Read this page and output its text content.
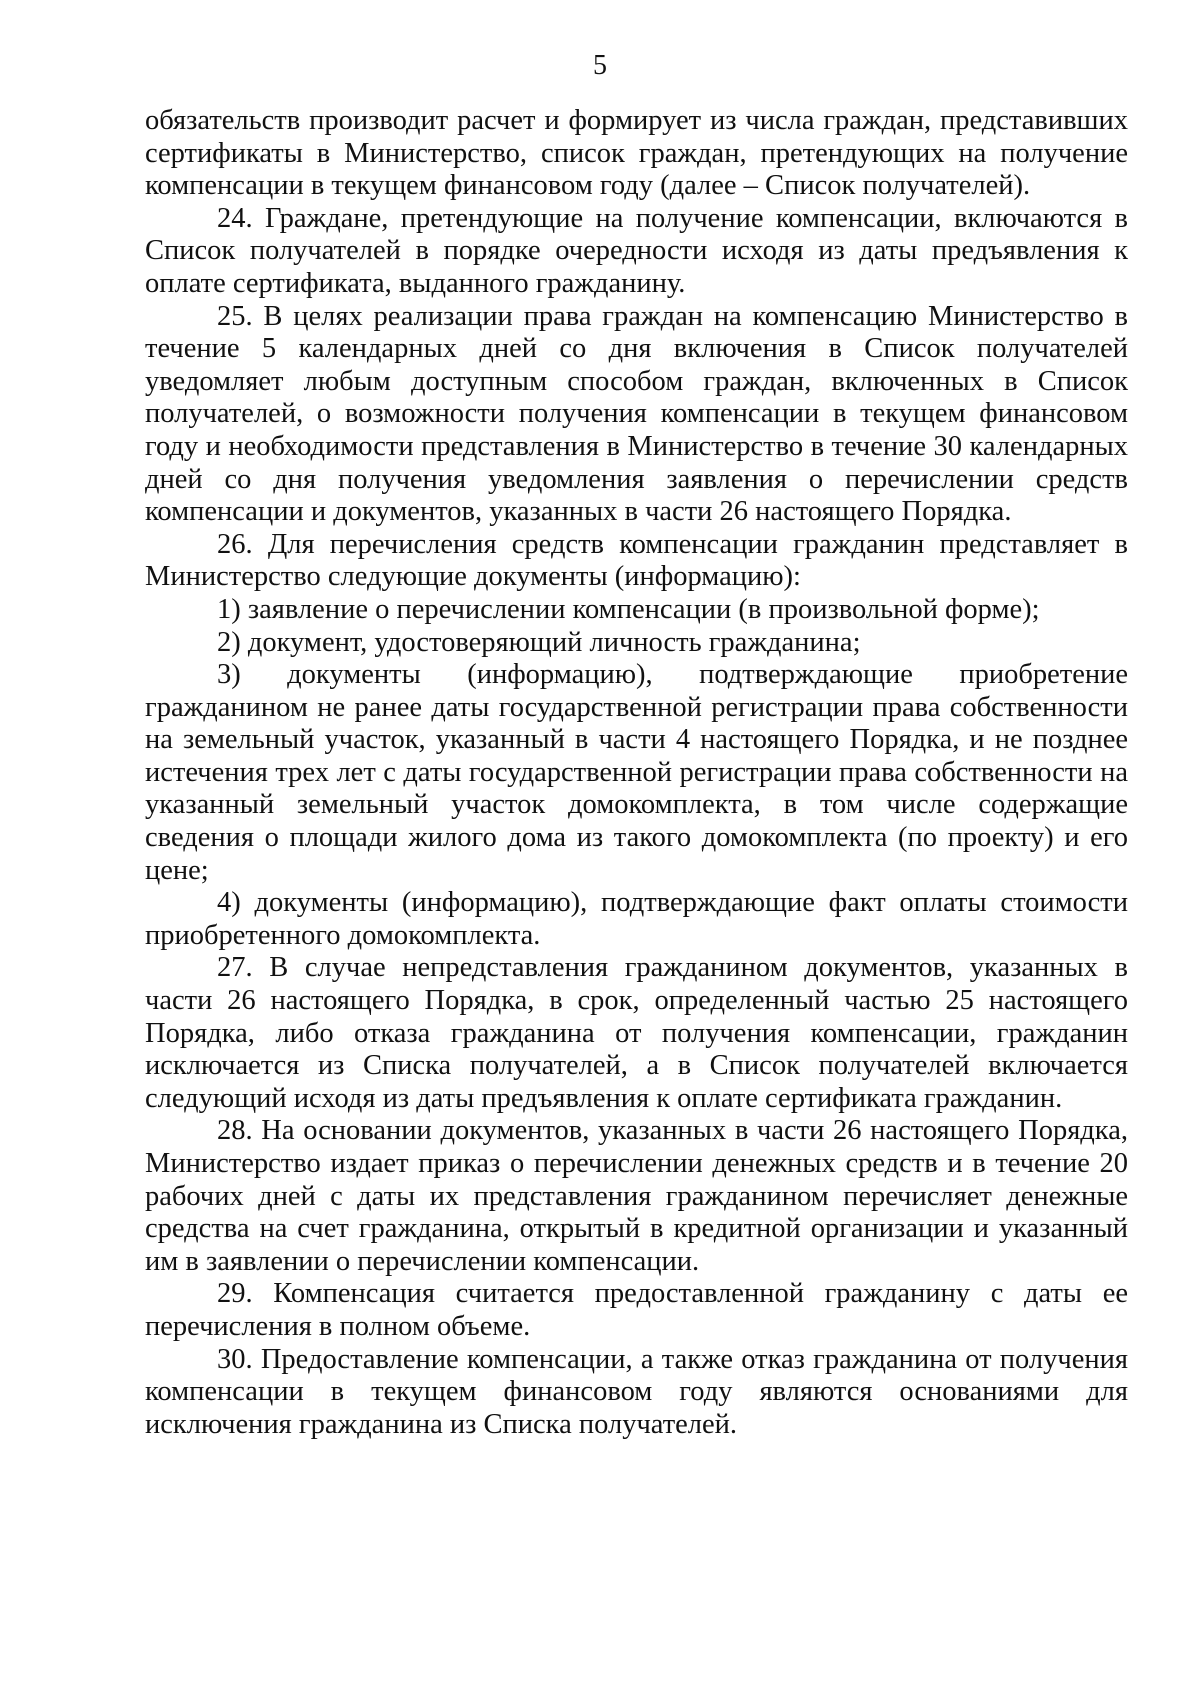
5

обязательств производит расчет и формирует из числа граждан, представивших сертификаты в Министерство, список граждан, претендующих на получение компенсации в текущем финансовом году (далее – Список получателей).

24. Граждане, претендующие на получение компенсации, включаются в Список получателей в порядке очередности исходя из даты предъявления к оплате сертификата, выданного гражданину.

25. В целях реализации права граждан на компенсацию Министерство в течение 5 календарных дней со дня включения в Список получателей уведомляет любым доступным способом граждан, включенных в Список получателей, о возможности получения компенсации в текущем финансовом году и необходимости представления в Министерство в течение 30 календарных дней со дня получения уведомления заявления о перечислении средств компенсации и документов, указанных в части 26 настоящего Порядка.

26. Для перечисления средств компенсации гражданин представляет в Министерство следующие документы (информацию):

1) заявление о перечислении компенсации (в произвольной форме);

2) документ, удостоверяющий личность гражданина;

3) документы (информацию), подтверждающие приобретение гражданином не ранее даты государственной регистрации права собственности на земельный участок, указанный в части 4 настоящего Порядка, и не позднее истечения трех лет с даты государственной регистрации права собственности на указанный земельный участок домокомплекта, в том числе содержащие сведения о площади жилого дома из такого домокомплекта (по проекту) и его цене;

4) документы (информацию), подтверждающие факт оплаты стоимости приобретенного домокомплекта.

27. В случае непредставления гражданином документов, указанных в части 26 настоящего Порядка, в срок, определенный частью 25 настоящего Порядка, либо отказа гражданина от получения компенсации, гражданин исключается из Списка получателей, а в Список получателей включается следующий исходя из даты предъявления к оплате сертификата гражданин.

28. На основании документов, указанных в части 26 настоящего Порядка, Министерство издает приказ о перечислении денежных средств и в течение 20 рабочих дней с даты их представления гражданином перечисляет денежные средства на счет гражданина, открытый в кредитной организации и указанный им в заявлении о перечислении компенсации.

29. Компенсация считается предоставленной гражданину с даты ее перечисления в полном объеме.

30. Предоставление компенсации, а также отказ гражданина от получения компенсации в текущем финансовом году являются основаниями для исключения гражданина из Списка получателей.
